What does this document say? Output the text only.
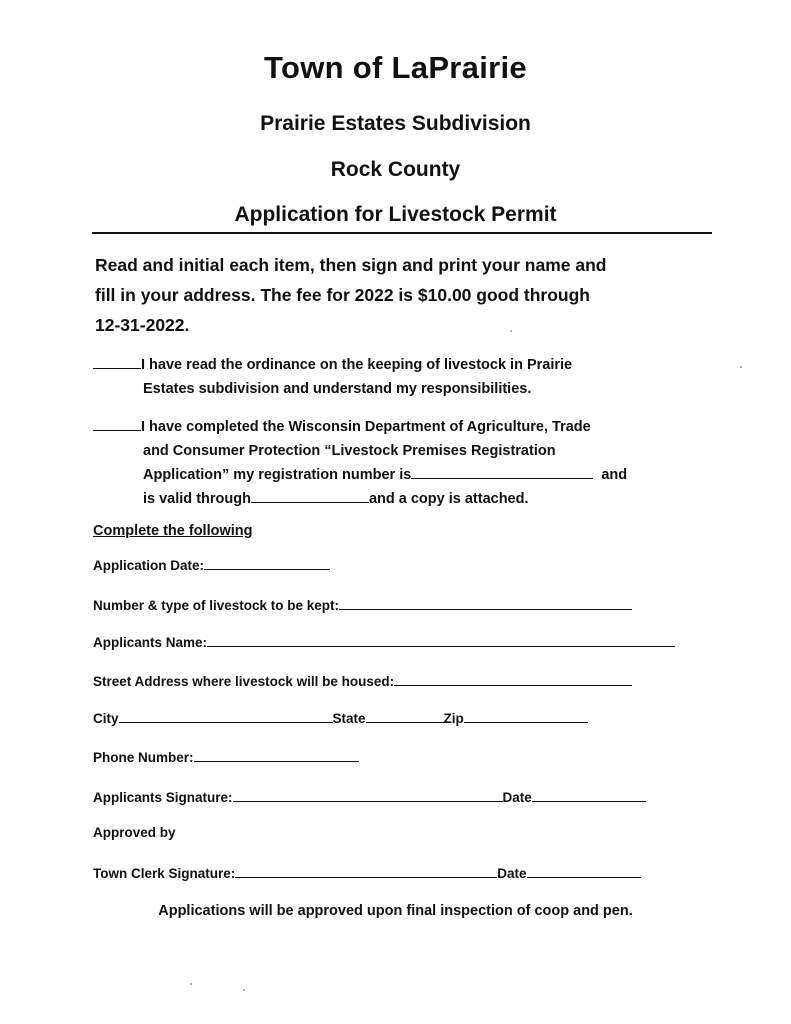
Town of LaPrairie
Prairie Estates Subdivision
Rock County
Application for Livestock Permit
Read and initial each item, then sign and print your name and
fill in your address. The fee for 2022 is $10.00 good through
12-31-2022.
I have read the ordinance on the keeping of livestock in Prairie
Estates subdivision and understand my responsibilities.
I have completed the Wisconsin Department of Agriculture, Trade
and Consumer Protection “Livestock Premises Registration
Application” my registration number is	and
is valid through	and a copy is attached.
Complete the following
Application Date:
Number & type of livestock to be kept:
Applicants Name:
Street Address where livestock will be housed:
City	State	Zip
Phone Number:
Applicants Signature:	Date
Approved by
Town Clerk Signature:	Date
Applications will be approved upon final inspection of coop and pen.
